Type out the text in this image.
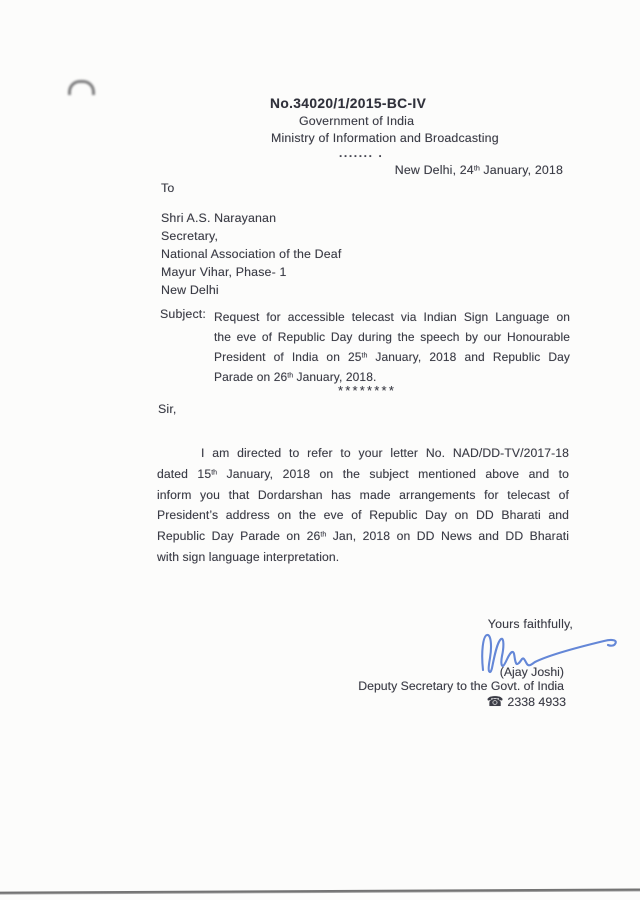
No.34020/1/2015-BC-IV
Government of India
Ministry of Information and Broadcasting
....... .
New Delhi, 24th January, 2018
To
Shri A.S. Narayanan
Secretary,
National Association of the Deaf
Mayur Vihar, Phase- 1
New Delhi
Subject: Request for accessible telecast via Indian Sign Language on
the eve of Republic Day during the speech by our Honourable
President of India on 25th January, 2018 and Republic Day
Parade on 26th January, 2018.
********
Sir,
I am directed to refer to your letter No. NAD/DD-TV/2017-18
dated 15th January, 2018 on the subject mentioned above and to
inform you that Dordarshan has made arrangements for telecast of
President’s address on the eve of Republic Day on DD Bharati and
Republic Day Parade on 26th Jan, 2018 on DD News and DD Bharati
with sign language interpretation.
Yours faithfully,
(Ajay Joshi)
Deputy Secretary to the Govt. of India
☎ 2338 4933
